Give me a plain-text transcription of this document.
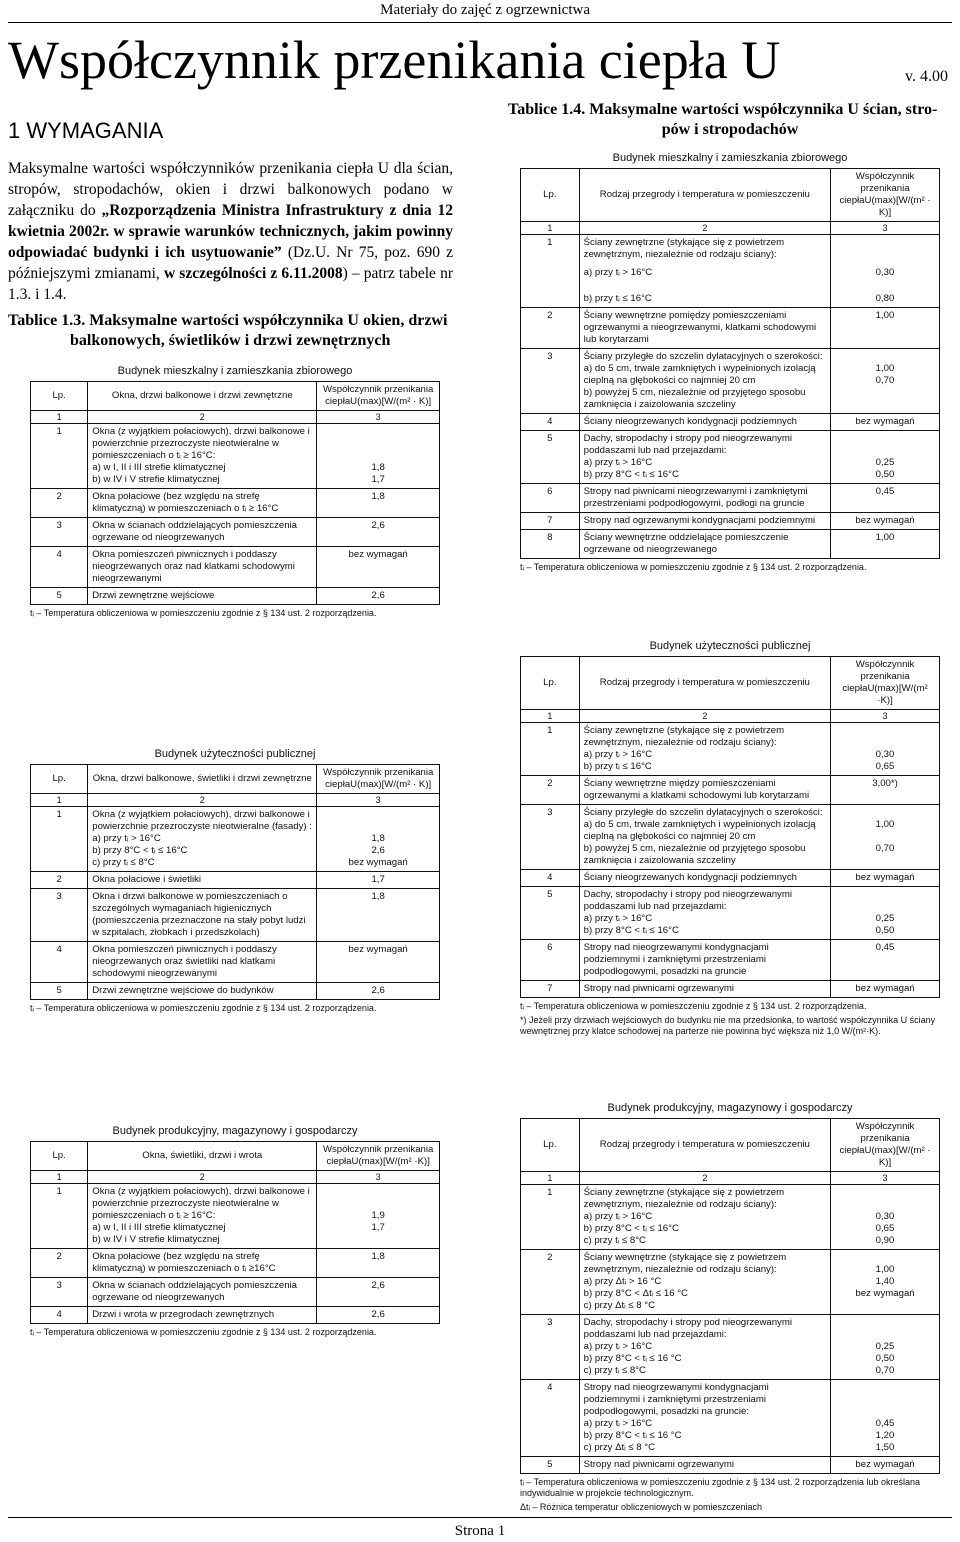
Materiały do zajęć z ogrzewnictwa
Współczynnik przenikania ciepła U	v. 4.00
1 WYMAGANIA
Maksymalne wartości współczynników przenikania ciepła U dla ścian, stropów, stropodachów, okien i drzwi balkonowych podano w załączniku do „Rozporządzenia Ministra Infrastruktury z dnia 12 kwietnia 2002r. w sprawie warunków technicznych, jakim powinny odpowiadać budynki i ich usytuowanie” (Dz.U. Nr 75, poz. 690 z późniejszymi zmianami, w szczególności z 6.11.2008) – patrz tabele nr 1.3. i 1.4.
Tablice 1.3. Maksymalne wartości współczynnika U okien, drzwi
balkonowych, świetlików i drzwi zewnętrznych
Tablice 1.4. Maksymalne wartości współczynnika U ścian, stro-
pów i stropodachów
Budynek mieszkalny i zamieszkania zbiorowego
Lp.	Okna, drzwi balkonowe i drzwi zewnętrzne	Współczynnik przenikania ciepłaU(max)[W/(m² · K)]
1	2	3
1	Okna (z wyjątkiem połaciowych), drzwi balkonowe i powierzchnie przezroczyste nieotwieralne w pomieszczeniach o tᵢ ≥ 16°C:
a) w I, II i III strefie klimatycznej
b) w IV i V strefie klimatycznej	1,8
1,7

2	Okna połaciowe (bez względu na strefę klimatyczną) w pomieszczeniach o tᵢ ≥ 16°C	1,8
3	Okna w ścianach oddzielających pomieszczenia ogrzewane od nieogrzewanych	2,6
4	Okna pomieszczeń piwnicznych i poddaszy nieogrzewanych oraz nad klatkami schodowymi nieogrzewanymi	bez wymagań
5	Drzwi zewnętrzne wejściowe	2,6
tᵢ – Temperatura obliczeniowa w pomieszczeniu zgodnie z § 134 ust. 2 rozporządzenia.
Budynek użyteczności publicznej
Lp.	Okna, drzwi balkonowe, świetliki i drzwi zewnętrzne	Współczynnik przenikania ciepłaU(max)[W/(m² · K)]
1	2	3
1	Okna (z wyjątkiem połaciowych), drzwi balkonowe i powierzchnie przezroczyste nieotwieralne (fasady) :
a) przy tᵢ > 16°C
b) przy 8°C < tᵢ ≤ 16°C
c) przy tᵢ ≤ 8°C	1,8
2,6
bez wymagań

2	Okna połaciowe i świetliki	1,7
3	Okna i drzwi balkonowe w pomieszczeniach o szczególnych wymaganiach higienicznych (pomieszczenia przeznaczone na stały pobyt ludzi w szpitalach, żłobkach i przedszkolach)	1,8
4	Okna pomieszczeń piwnicznych i poddaszy nieogrzewanych oraz świetliki nad klatkami schodowymi nieogrzewanymi	bez wymagań
5	Drzwi zewnętrzne wejściowe do budynków	2,6
tᵢ – Temperatura obliczeniowa w pomieszczeniu zgodnie z § 134 ust. 2 rozporządzenia.
Budynek produkcyjny, magazynowy i gospodarczy
Lp.	Okna, świetliki, drzwi i wrota	Współczynnik przenikania ciepłaU(max)[W/(m² ·K)]
1	2	3
1	Okna (z wyjątkiem połaciowych), drzwi balkonowe i powierzchnie przezroczyste nieotwieralne w pomieszczeniach o tᵢ ≥ 16°C:
a) w I, II i III strefie klimatycznej
b) w IV i V strefie klimatycznej	1,9
1,7

2	Okna połaciowe (bez względu na strefę klimatyczną) w pomieszczeniach o tᵢ ≥16°C	1,8
3	Okna w ścianach oddzielających pomieszczenia ogrzewane od nieogrzewanych	2,6
4	Drzwi i wrota w przegrodach zewnętrznych	2,6
tᵢ – Temperatura obliczeniowa w pomieszczeniu zgodnie z § 134 ust. 2 rozporządzenia.
Budynek mieszkalny i zamieszkania zbiorowego
Lp.	Rodzaj przegrody i temperatura w pomieszczeniu	Współczynnik przenikania ciepłaU(max)[W/(m² · K)]
1	2	3
1	Ściany zewnętrzne (stykające się z powietrzem zewnętrznym, niezależnie od rodzaju ściany):
a) przy tᵢ > 16°C
b) przy tᵢ ≤ 16°C	0,30
0,80

2	Ściany wewnętrzne pomiędzy pomieszczeniami ogrzewanymi a nieogrzewanymi, klatkami schodowymi lub korytarzami	1,00
3	Ściany przyległe do szczelin dylatacyjnych o szerokości:
a) do 5 cm, trwale zamkniętych i wypełnionych izolacją cieplną na głębokości co najmniej 20 cm
b) powyżej 5 cm, niezależnie od przyjętego sposobu zamknięcia i zaizolowania szczeliny	1,00
0,70

4	Ściany nieogrzewanych kondygnacji podziemnych	bez wymagań
5	Dachy, stropodachy i stropy pod nieogrzewanymi poddaszami lub nad przejazdami:
a) przy tᵢ > 16°C
b) przy 8°C < tᵢ ≤ 16°C	0,25
0,50

6	Stropy nad piwnicami nieogrzewanymi i zamkniętymi przestrzeniami podpodłogowymi, podłogi na gruncie	0,45
7	Stropy nad ogrzewanymi kondygnacjami podziemnymi	bez wymagań
8	Ściany wewnętrzne oddzielające pomieszczenie ogrzewane od nieogrzewanego	1,00
tᵢ – Temperatura obliczeniowa w pomieszczeniu zgodnie z § 134 ust. 2 rozporządzenia.
Budynek użyteczności publicznej
Lp.	Rodzaj przegrody i temperatura w pomieszczeniu	Współczynnik przenikania ciepłaU(max)[W/(m² ·K)]
1	2	3
1	Ściany zewnętrzne (stykające się z powietrzem zewnętrznym, niezależnie od rodzaju ściany):
a) przy tᵢ > 16°C
b) przy tᵢ ≤ 16°C	0,30
0,65

2	Ściany wewnętrzne między pomieszczeniami ogrzewanymi a klatkami schodowymi lub korytarzami	3,00*)
3	Ściany przyległe do szczelin dylatacyjnych o szerokości:
a) do 5 cm, trwale zamkniętych i wypełnionych izolacją cieplną na głębokości co najmniej 20 cm
b) powyżej 5 cm, niezależnie od przyjętego sposobu zamknięcia i zaizolowania szczeliny	1,00
0,70

4	Ściany nieogrzewanych kondygnacji podziemnych	bez wymagań
5	Dachy, stropodachy i stropy pod nieogrzewanymi poddaszami lub nad przejazdami:
a) przy tᵢ > 16°C
b) przy 8°C < tᵢ ≤ 16°C	0,25
0,50

6	Stropy nad nieogrzewanymi kondygnacjami podziemnymi i zamkniętymi przestrzeniami podpodłogowymi, posadzki na gruncie	0,45
7	Stropy nad piwnicami ogrzewanymi	bez wymagań
tᵢ – Temperatura obliczeniowa w pomieszczeniu zgodnie z § 134 ust. 2 rozporządzenia.
*) Jeżeli przy drzwiach wejściowych do budynku nie ma przedsionka, to wartość współczynnika U ściany wewnętrznej przy klatce schodowej na parterze nie powinna być większa niż 1,0 W/(m²·K).
Budynek produkcyjny, magazynowy i gospodarczy
Lp.	Rodzaj przegrody i temperatura w pomieszczeniu	Współczynnik przenikania ciepłaU(max)[W/(m² · K)]
1	2	3
1	Ściany zewnętrzne (stykające się z powietrzem zewnętrznym, niezależnie od rodzaju ściany):
a) przy tᵢ > 16°C
b) przy 8°C < tᵢ ≤ 16°C
c) przy tᵢ ≤ 8°C	0,30
0,65
0,90

2	Ściany wewnętrzne (stykające się z powietrzem zewnętrznym, niezależnie od rodzaju ściany):
a) przy Δtᵢ > 16 °C
b) przy 8°C < Δtᵢ ≤ 16 °C
c) przy Δtᵢ ≤ 8 °C	1,00
1,40
bez wymagań

3	Dachy, stropodachy i stropy pod nieogrzewanymi poddaszami lub nad przejazdami:
a) przy tᵢ > 16°C
b) przy 8°C < tᵢ ≤ 16 °C
c) przy tᵢ ≤ 8°C	0,25
0,50
0,70

4	Stropy nad nieogrzewanymi kondygnacjami podziemnymi i zamkniętymi przestrzeniami podpodłogowymi, posadzki na gruncie:
a) przy tᵢ > 16°C
b) przy 8°C < tᵢ ≤ 16 °C
c) przy Δtᵢ ≤ 8 °C	0,45
1,20
1,50

5	Stropy nad piwnicami ogrzewanymi	bez wymagań
tᵢ – Temperatura obliczeniowa w pomieszczeniu zgodnie z § 134 ust. 2 rozporządzenia lub określana indywidualnie w projekcie technologicznym.
Δtᵢ – Różnica temperatur obliczeniowych w pomieszczeniach
Strona 1
